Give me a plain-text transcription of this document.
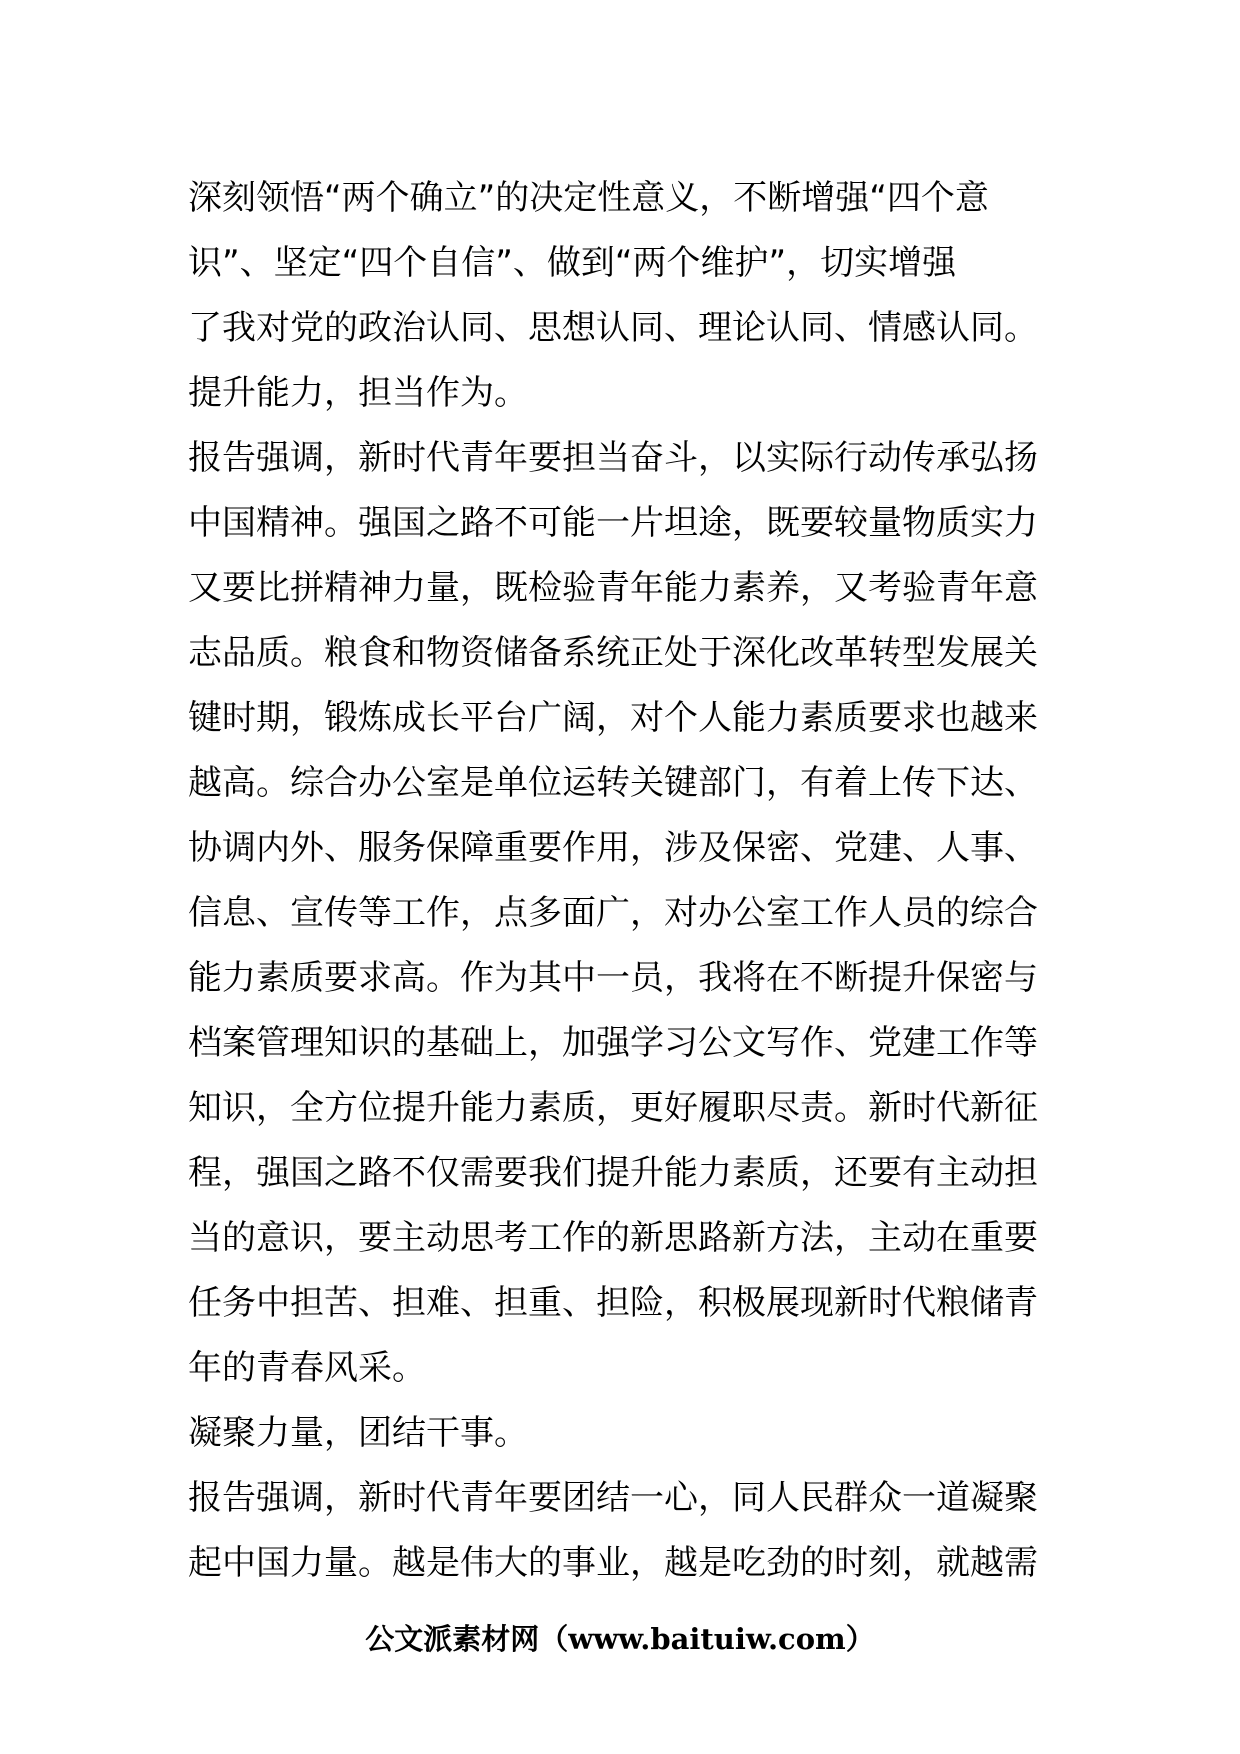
深刻领悟“两个确立”的决定性意义，不断增强“四个意
识”、坚定“四个自信”、做到“两个维护”，切实增强
了我对党的政治认同、思想认同、理论认同、情感认同。
提升能力，担当作为。
报告强调，新时代青年要担当奋斗，以实际行动传承弘扬
中国精神。强国之路不可能一片坦途，既要较量物质实力
又要比拼精神力量，既检验青年能力素养，又考验青年意
志品质。粮食和物资储备系统正处于深化改革转型发展关
键时期，锻炼成长平台广阔，对个人能力素质要求也越来
越高。综合办公室是单位运转关键部门，有着上传下达、
协调内外、服务保障重要作用，涉及保密、党建、人事、
信息、宣传等工作，点多面广，对办公室工作人员的综合
能力素质要求高。作为其中一员，我将在不断提升保密与
档案管理知识的基础上，加强学习公文写作、党建工作等
知识，全方位提升能力素质，更好履职尽责。新时代新征
程，强国之路不仅需要我们提升能力素质，还要有主动担
当的意识，要主动思考工作的新思路新方法，主动在重要
任务中担苦、担难、担重、担险，积极展现新时代粮储青
年的青春风采。
凝聚力量，团结干事。
报告强调，新时代青年要团结一心，同人民群众一道凝聚
起中国力量。越是伟大的事业，越是吃劲的时刻，就越需
公文派素材网（www.baituiw.com）
